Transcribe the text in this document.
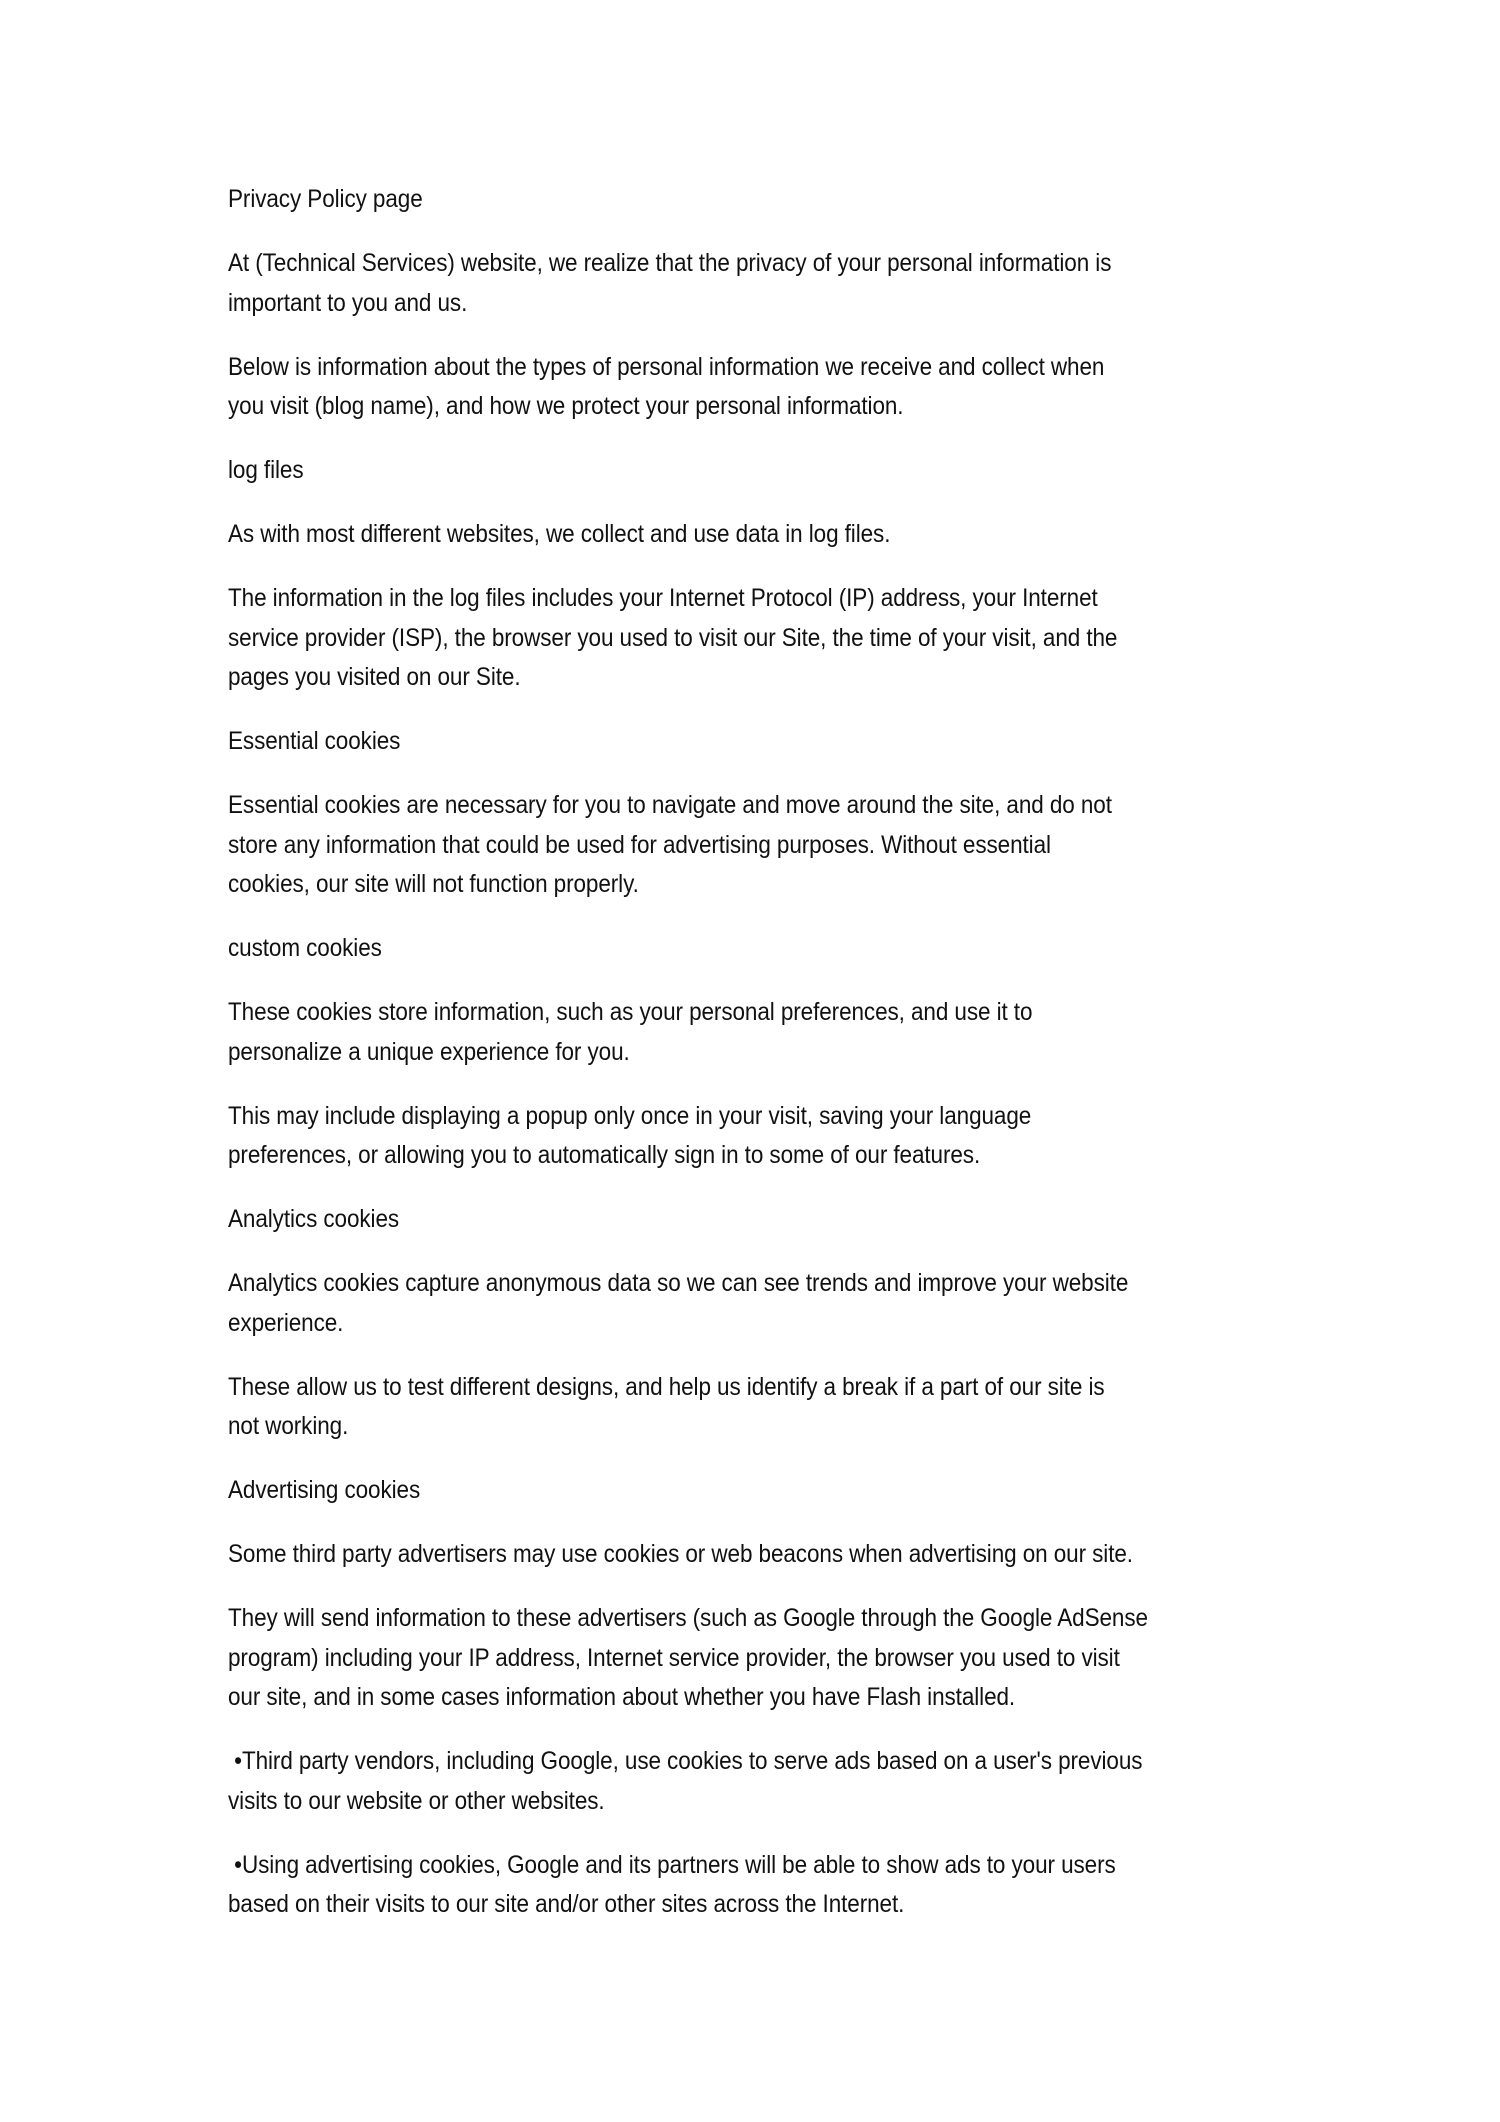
Privacy Policy page
At (Technical Services) website, we realize that the privacy of your personal information is
important to you and us.
Below is information about the types of personal information we receive and collect when
you visit (blog name), and how we protect your personal information.
log files
As with most different websites, we collect and use data in log files.
The information in the log files includes your Internet Protocol (IP) address, your Internet
service provider (ISP), the browser you used to visit our Site, the time of your visit, and the
pages you visited on our Site.
Essential cookies
Essential cookies are necessary for you to navigate and move around the site, and do not
store any information that could be used for advertising purposes. Without essential
cookies, our site will not function properly.
custom cookies
These cookies store information, such as your personal preferences, and use it to
personalize a unique experience for you.
This may include displaying a popup only once in your visit, saving your language
preferences, or allowing you to automatically sign in to some of our features.
Analytics cookies
Analytics cookies capture anonymous data so we can see trends and improve your website
experience.
These allow us to test different designs, and help us identify a break if a part of our site is
not working.
Advertising cookies
Some third party advertisers may use cookies or web beacons when advertising on our site.
They will send information to these advertisers (such as Google through the Google AdSense
program) including your IP address, Internet service provider, the browser you used to visit
our site, and in some cases information about whether you have Flash installed.
•Third party vendors, including Google, use cookies to serve ads based on a user's previous
visits to our website or other websites.
•Using advertising cookies, Google and its partners will be able to show ads to your users
based on their visits to our site and/or other sites across the Internet.
